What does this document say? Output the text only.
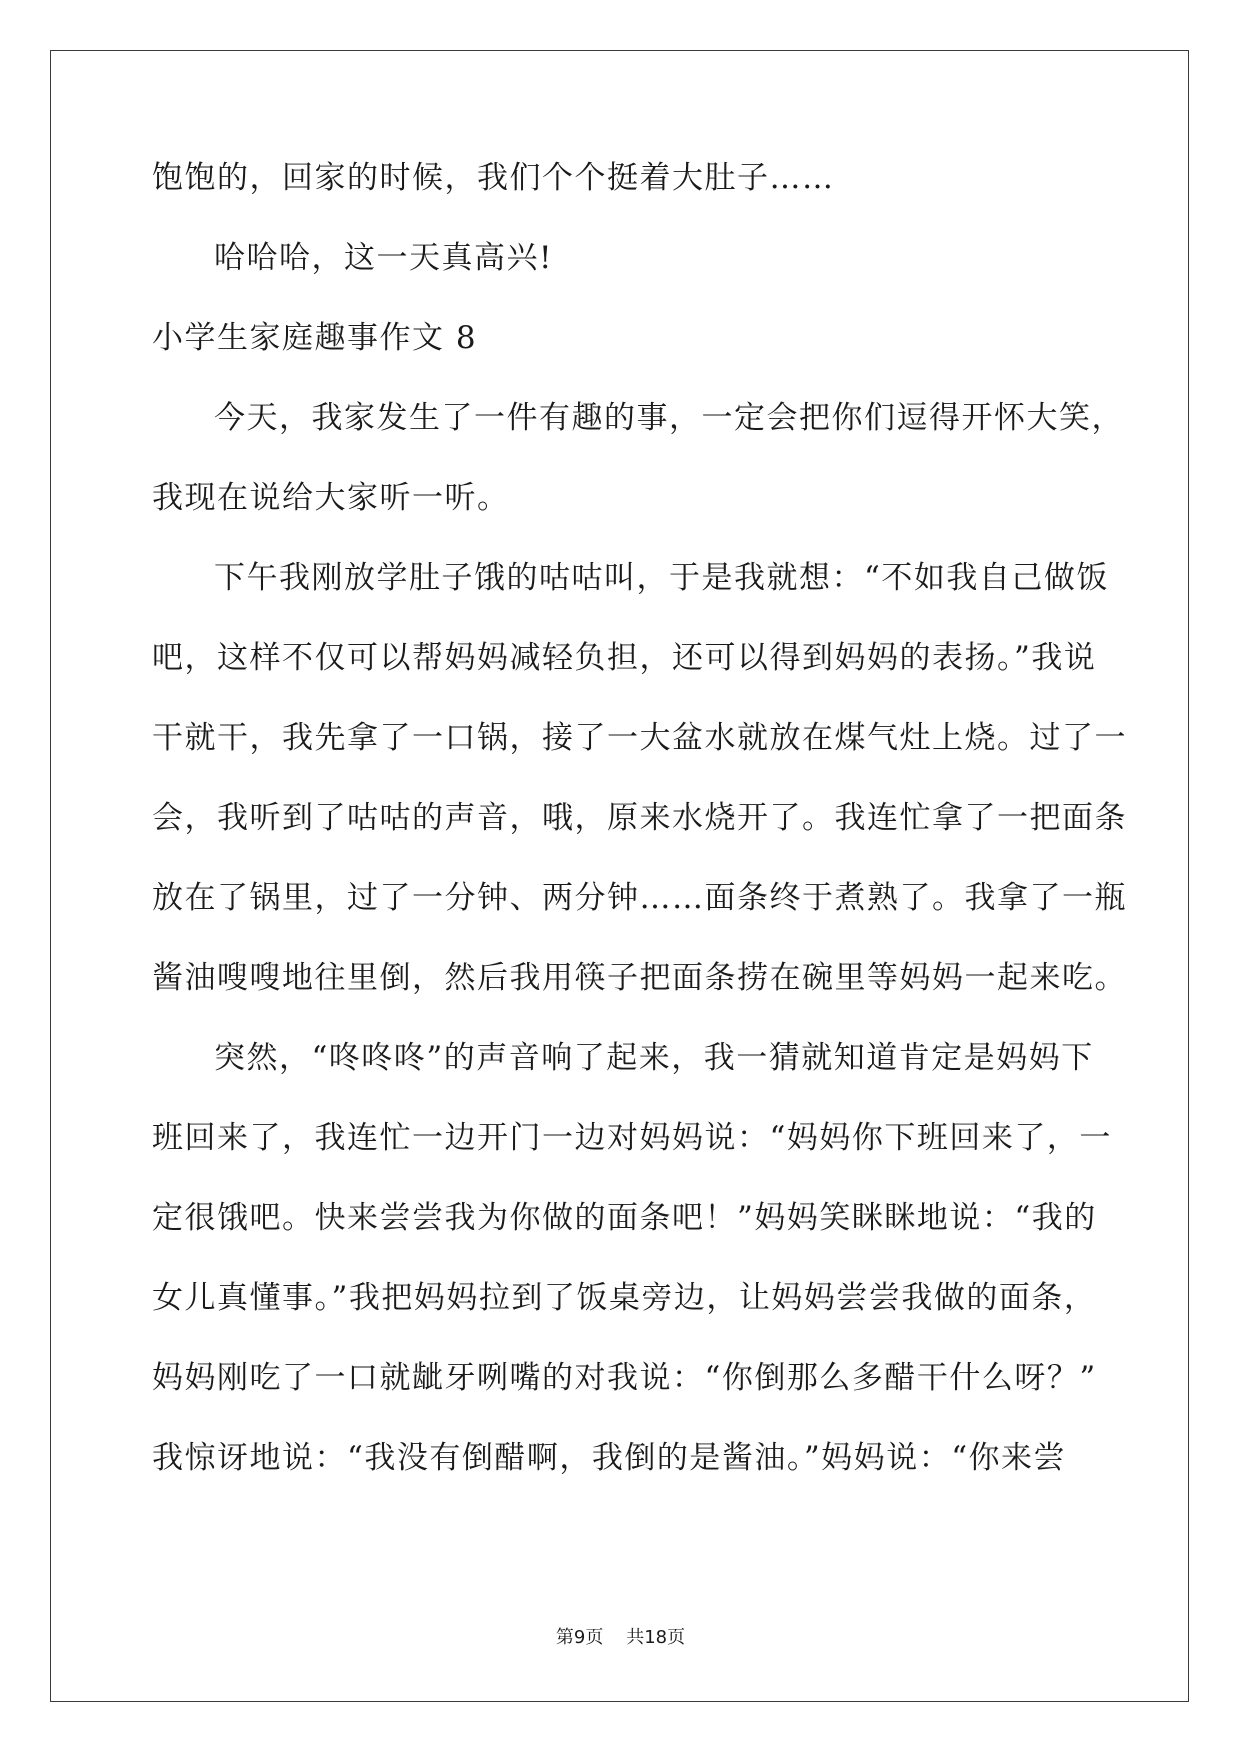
饱饱的，回家的时候，我们个个挺着大肚子……
哈哈哈，这一天真高兴!
小学生家庭趣事作文 8
今天，我家发生了一件有趣的事，一定会把你们逗得开怀大笑，
我现在说给大家听一听。
下午我刚放学肚子饿的咕咕叫，于是我就想：“不如我自己做饭
吧，这样不仅可以帮妈妈减轻负担，还可以得到妈妈的表扬。”我说
干就干，我先拿了一口锅，接了一大盆水就放在煤气灶上烧。过了一
会，我听到了咕咕的声音，哦，原来水烧开了。我连忙拿了一把面条
放在了锅里，过了一分钟、两分钟……面条终于煮熟了。我拿了一瓶
酱油嗖嗖地往里倒，然后我用筷子把面条捞在碗里等妈妈一起来吃。
突然，“咚咚咚”的声音响了起来，我一猜就知道肯定是妈妈下
班回来了，我连忙一边开门一边对妈妈说：“妈妈你下班回来了，一
定很饿吧。快来尝尝我为你做的面条吧！”妈妈笑眯眯地说：“我的
女儿真懂事。”我把妈妈拉到了饭桌旁边，让妈妈尝尝我做的面条，
妈妈刚吃了一口就龇牙咧嘴的对我说：“你倒那么多醋干什么呀？”
我惊讶地说：“我没有倒醋啊，我倒的是酱油。”妈妈说：“你来尝
第9页 共18页
